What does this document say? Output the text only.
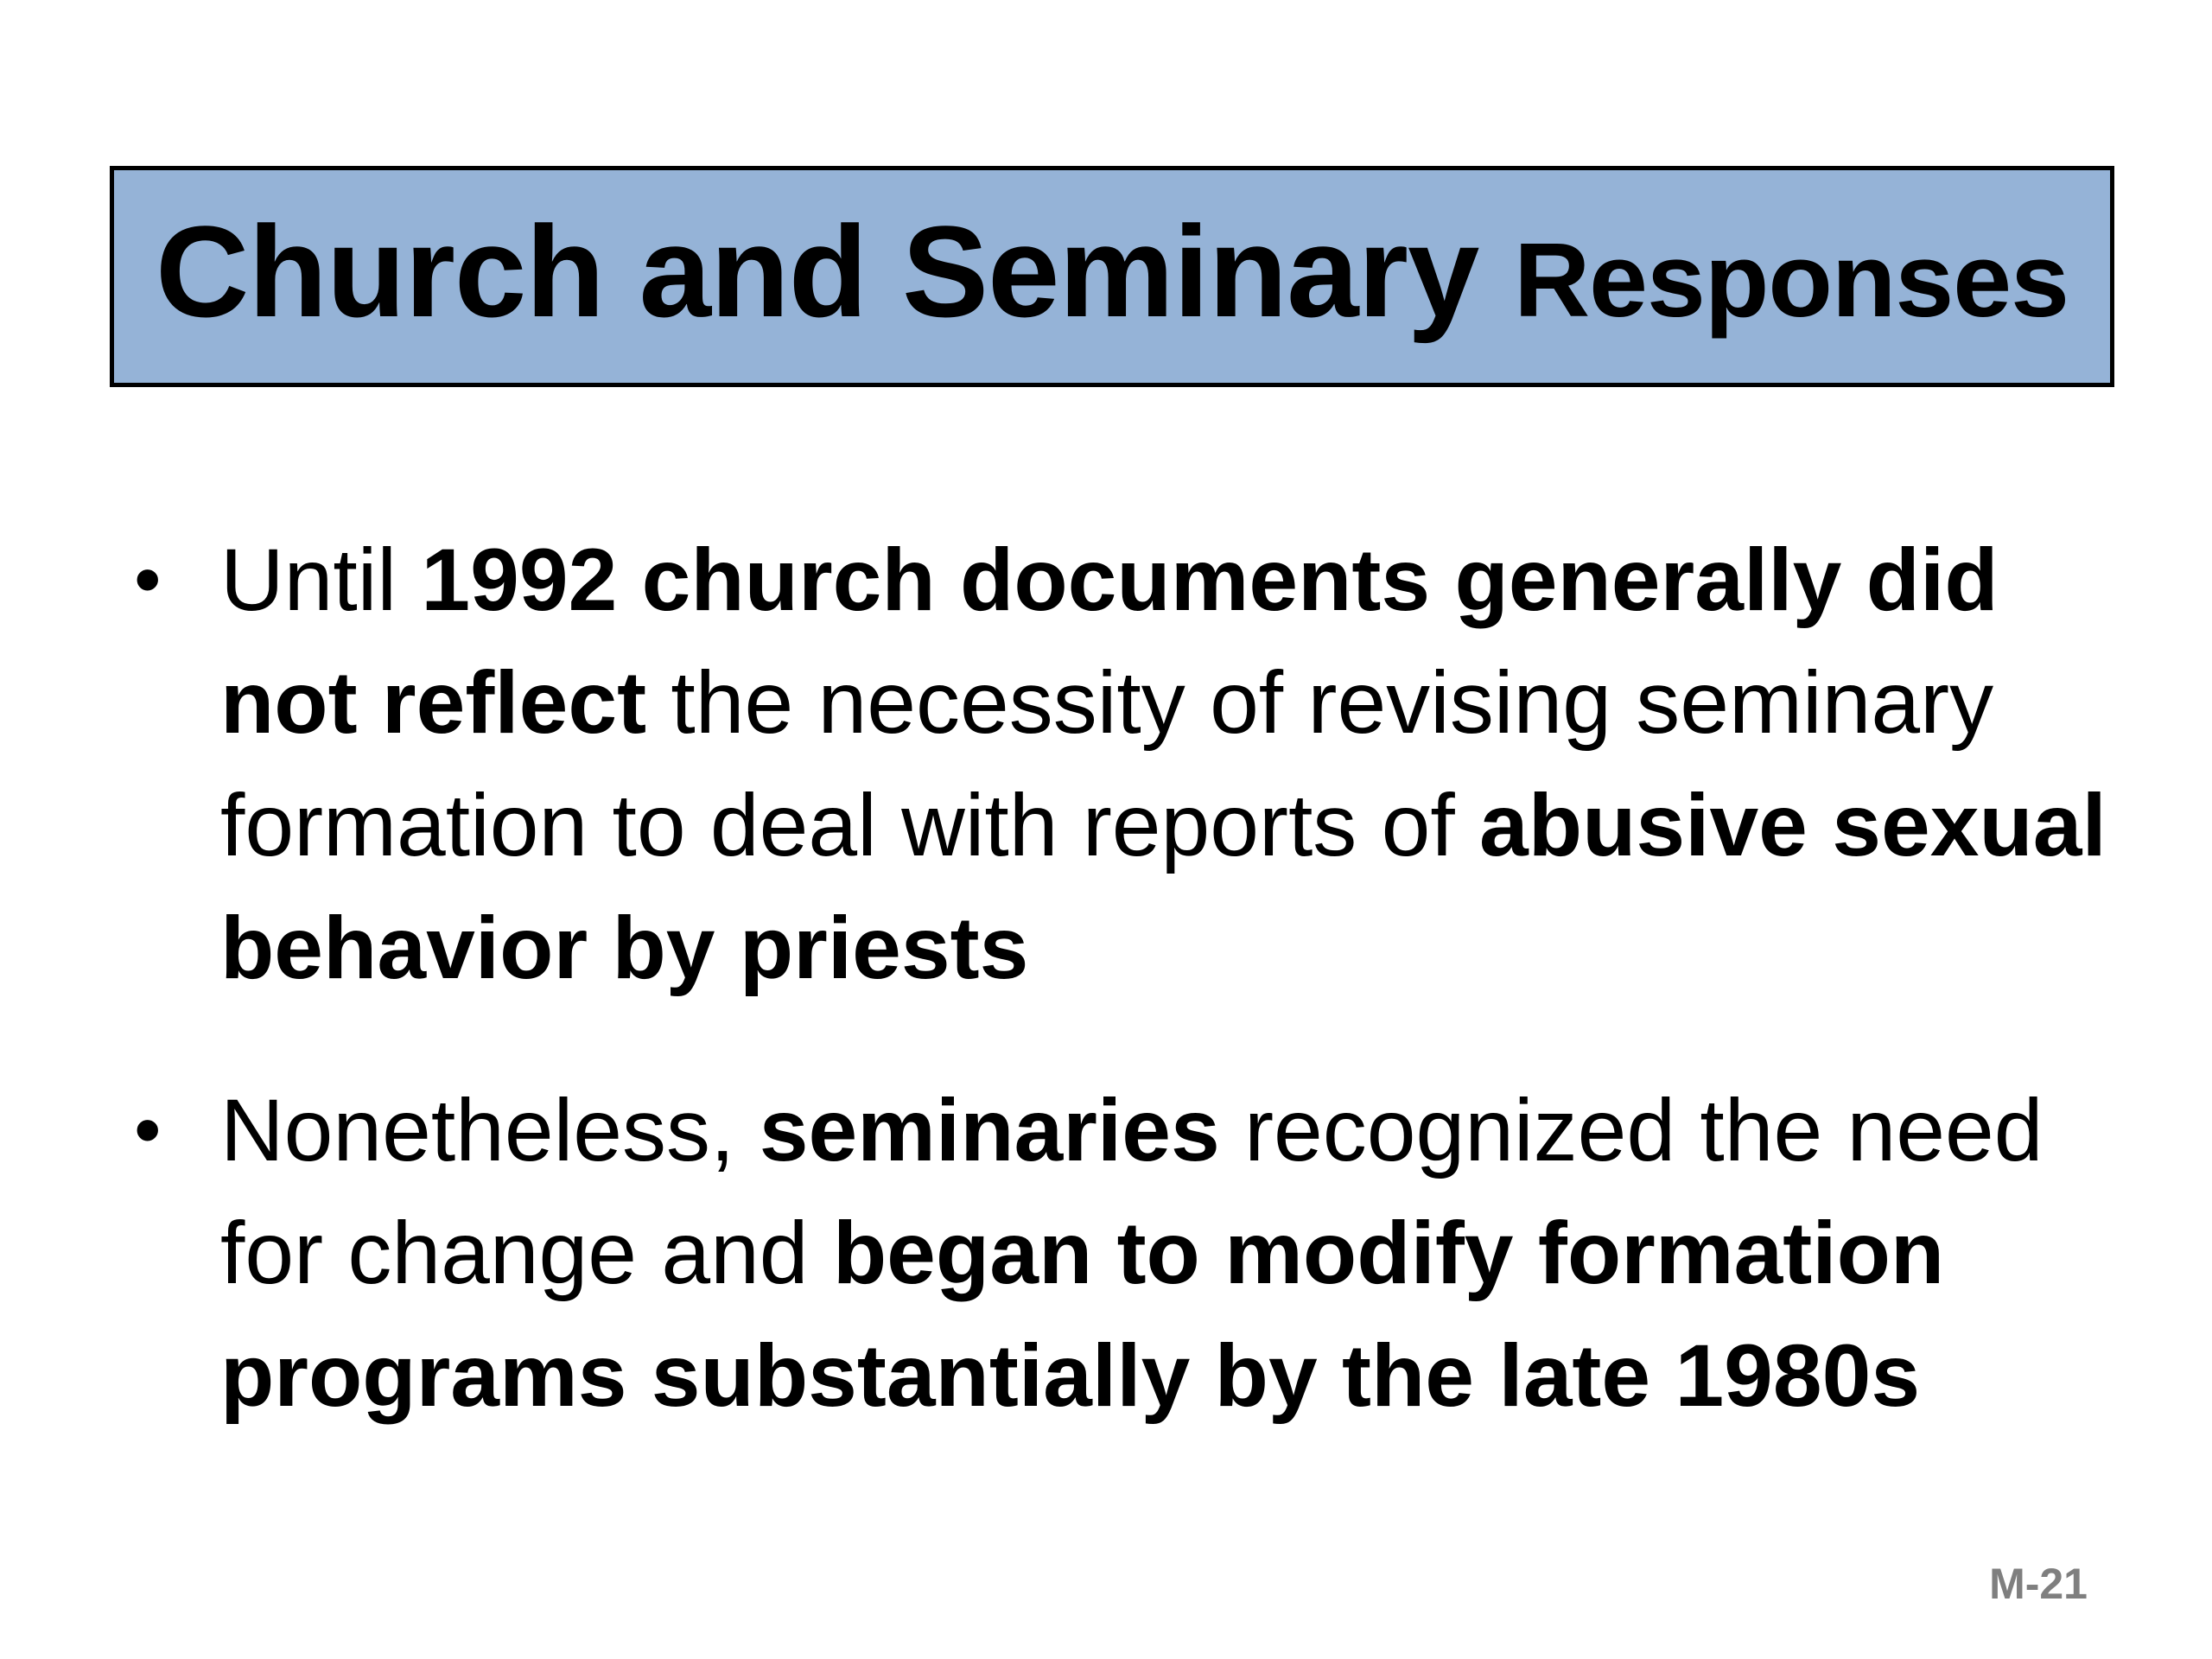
Church and Seminary Responses
• Until 1992 church documents generally did not reflect the necessity of revising seminary formation to deal with reports of abusive sexual behavior by priests
• Nonetheless, seminaries recognized the need for change and began to modify formation programs substantially by the late 1980s
M-21
